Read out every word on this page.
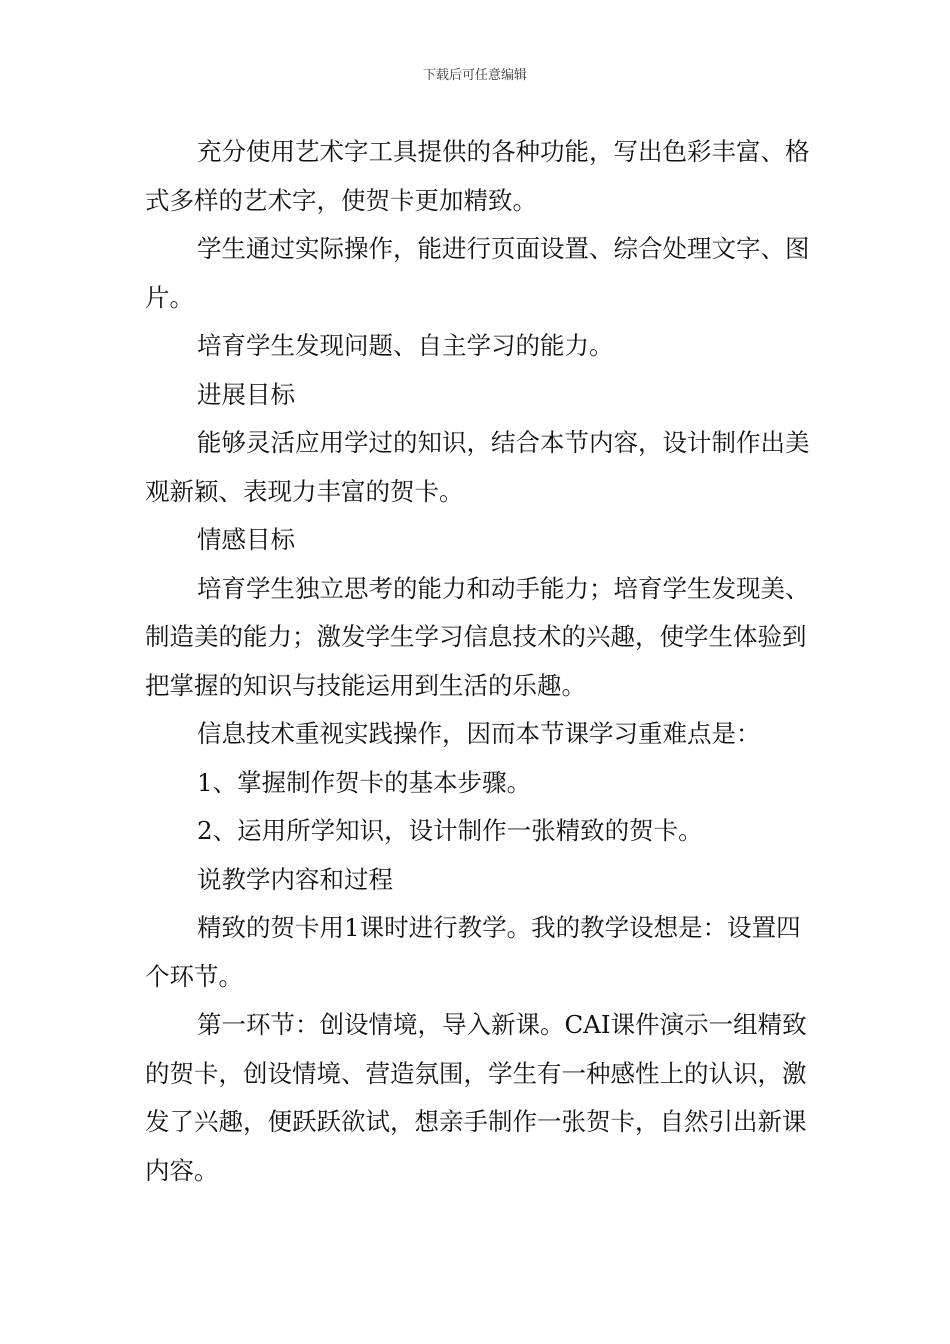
下载后可任意编辑

充分使用艺术字工具提供的各种功能，写出色彩丰富、格式多样的艺术字，使贺卡更加精致。

学生通过实际操作，能进行页面设置、综合处理文字、图片。

培育学生发现问题、自主学习的能力。

进展目标

能够灵活应用学过的知识，结合本节内容，设计制作出美观新颖、表现力丰富的贺卡。

情感目标

培育学生独立思考的能力和动手能力；培育学生发现美、制造美的能力；激发学生学习信息技术的兴趣，使学生体验到把掌握的知识与技能运用到生活的乐趣。

信息技术重视实践操作，因而本节课学习重难点是：

1、掌握制作贺卡的基本步骤。

2、运用所学知识，设计制作一张精致的贺卡。

说教学内容和过程

精致的贺卡用1课时进行教学。我的教学设想是：设置四个环节。

第一环节：创设情境，导入新课。CAI课件演示一组精致的贺卡，创设情境、营造氛围，学生有一种感性上的认识，激发了兴趣，便跃跃欲试，想亲手制作一张贺卡，自然引出新课内容。
